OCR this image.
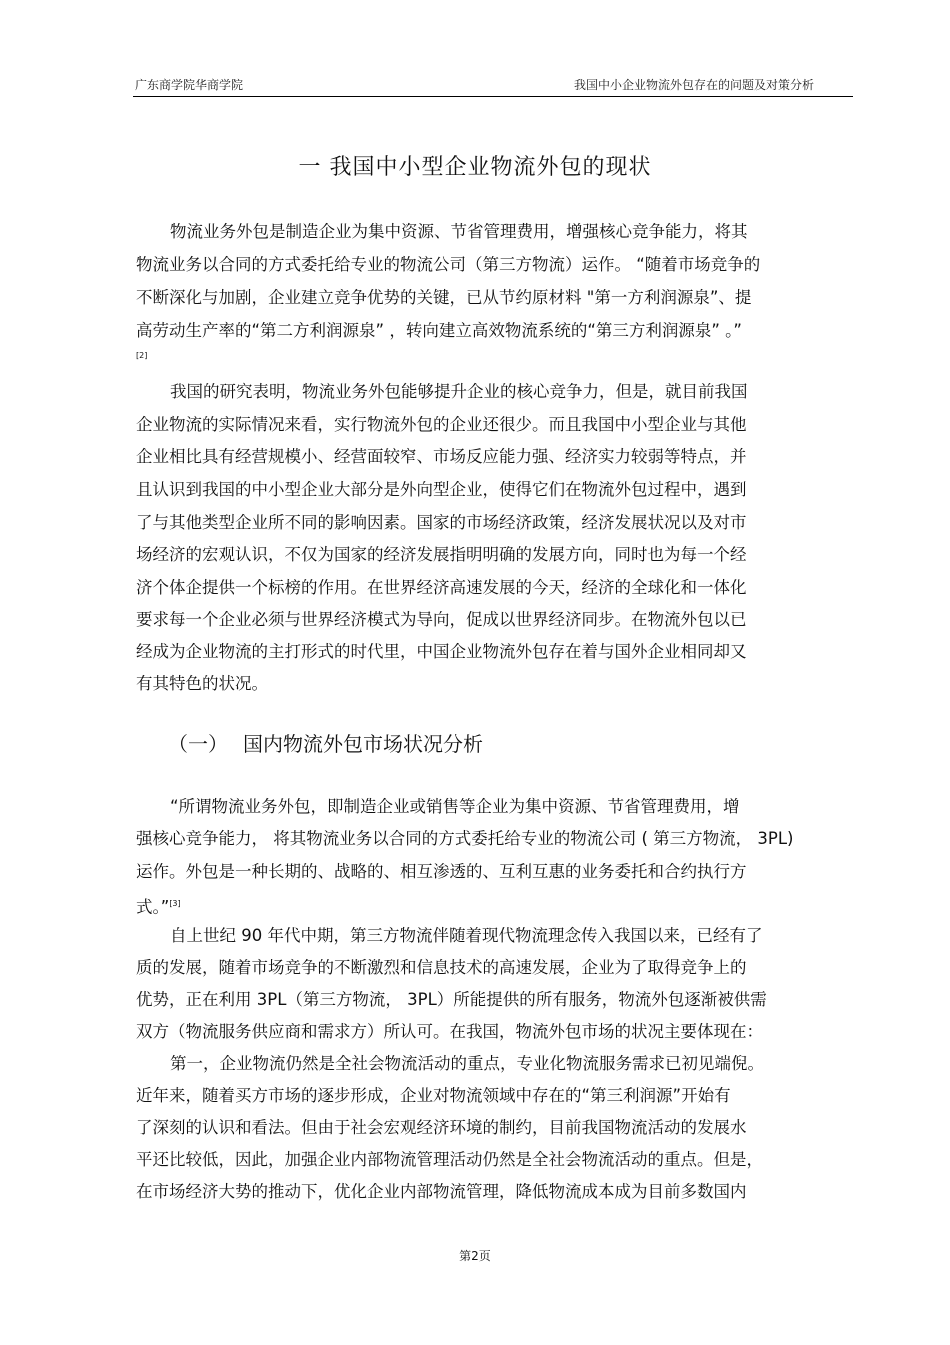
广东商学院华商学院	我国中小企业物流外包存在的问题及对策分析
一 我国中小型企业物流外包的现状
物流业务外包是制造企业为集中资源、节省管理费用，增强核心竞争能力，将其
物流业务以合同的方式委托给专业的物流公司（第三方物流）运作。 “随着市场竞争的
不断深化与加剧，企业建立竞争优势的关键，已从节约原材料 "第一方利润源泉”、提
高劳动生产率的“第二方利润源泉” ，转向建立高效物流系统的“第三方利润源泉” 。”
[2]
我国的研究表明，物流业务外包能够提升企业的核心竞争力，但是，就目前我国
企业物流的实际情况来看，实行物流外包的企业还很少。而且我国中小型企业与其他
企业相比具有经营规模小、经营面较窄、市场反应能力强、经济实力较弱等特点，并
且认识到我国的中小型企业大部分是外向型企业，使得它们在物流外包过程中，遇到
了与其他类型企业所不同的影响因素。国家的市场经济政策，经济发展状况以及对市
场经济的宏观认识，不仅为国家的经济发展指明明确的发展方向，同时也为每一个经
济个体企提供一个标榜的作用。在世界经济高速发展的今天，经济的全球化和一体化
要求每一个企业必须与世界经济模式为导向，促成以世界经济同步。在物流外包以已
经成为企业物流的主打形式的时代里，中国企业物流外包存在着与国外企业相同却又
有其特色的状况。
（一） 国内物流外包市场状况分析
“所谓物流业务外包，即制造企业或销售等企业为集中资源、节省管理费用，增
强核心竞争能力， 将其物流业务以合同的方式委托给专业的物流公司 ( 第三方物流， 3PL)
运作。外包是一种长期的、战略的、相互渗透的、互利互惠的业务委托和合约执行方
式。”[3]
自上世纪 90 年代中期，第三方物流伴随着现代物流理念传入我国以来，已经有了
质的发展，随着市场竞争的不断激烈和信息技术的高速发展，企业为了取得竞争上的
优势，正在利用 3PL（第三方物流， 3PL）所能提供的所有服务，物流外包逐渐被供需
双方（物流服务供应商和需求方）所认可。在我国，物流外包市场的状况主要体现在：
第一，企业物流仍然是全社会物流活动的重点，专业化物流服务需求已初见端倪。
近年来，随着买方市场的逐步形成，企业对物流领域中存在的“第三利润源”开始有
了深刻的认识和看法。但由于社会宏观经济环境的制约，目前我国物流活动的发展水
平还比较低，因此，加强企业内部物流管理活动仍然是全社会物流活动的重点。但是，
在市场经济大势的推动下，优化企业内部物流管理，降低物流成本成为目前多数国内
第2页
